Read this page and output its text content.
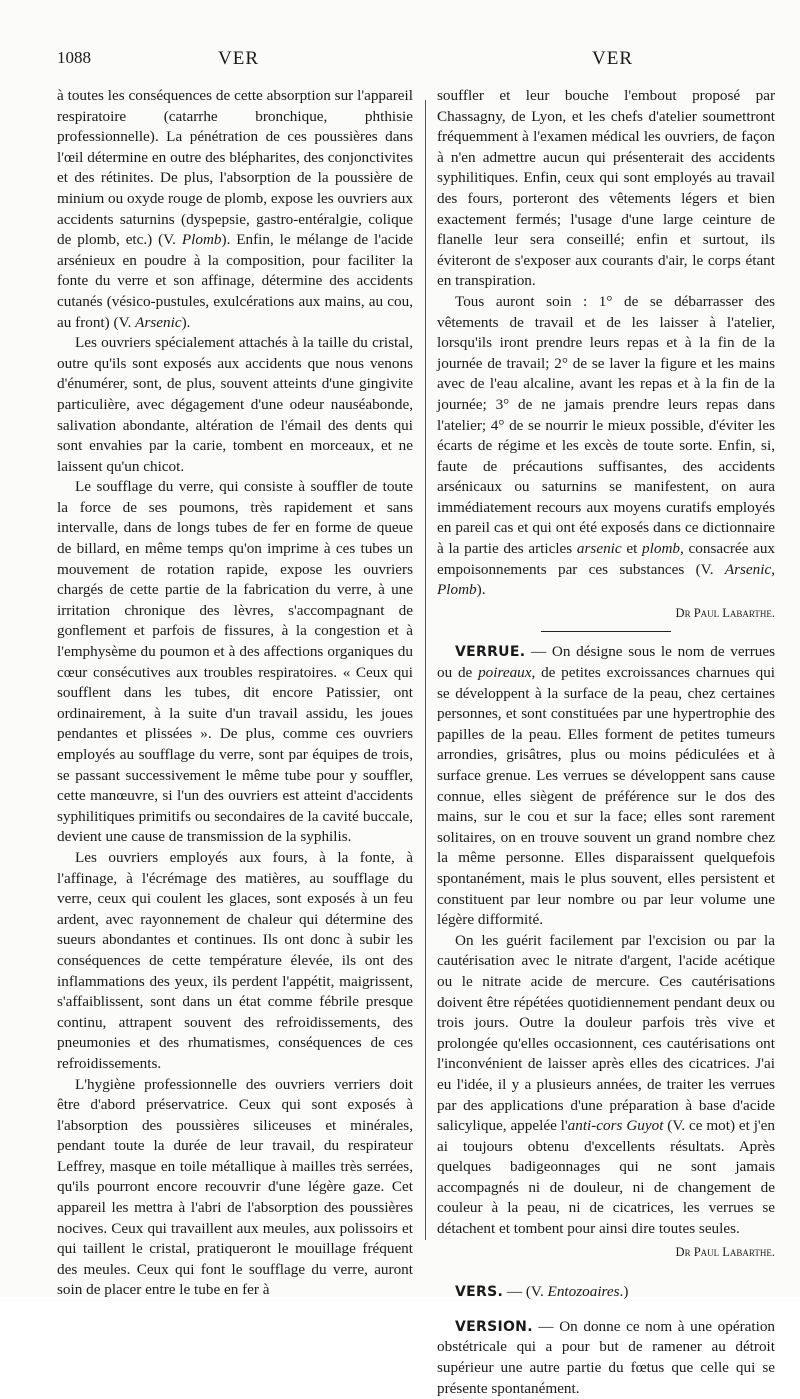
1088	VER	VER

à toutes les conséquences de cette absorption sur l'appareil respiratoire (catarrhe bronchique, phthisie professionnelle). La pénétration de ces poussières dans l'œil détermine en outre des blépharites, des conjonctivites et des rétinites. De plus, l'absorption de la poussière de minium ou oxyde rouge de plomb, expose les ouvriers aux accidents saturnins (dyspepsie, gastro-entéralgie, colique de plomb, etc.) (V. Plomb). Enfin, le mélange de l'acide arsénieux en poudre à la composition, pour faciliter la fonte du verre et son affinage, détermine des accidents cutanés (vésico-pustules, exulcérations aux mains, au cou, au front) (V. Arsenic).

Les ouvriers spécialement attachés à la taille du cristal, outre qu'ils sont exposés aux accidents que nous venons d'énumérer, sont, de plus, souvent atteints d'une gingivite particulière, avec dégagement d'une odeur nauséabonde, salivation abondante, altération de l'émail des dents qui sont envahies par la carie, tombent en morceaux, et ne laissent qu'un chicot.

Le soufflage du verre, qui consiste à souffler de toute la force de ses poumons, très rapidement et sans intervalle, dans de longs tubes de fer en forme de queue de billard, en même temps qu'on imprime à ces tubes un mouvement de rotation rapide, expose les ouvriers chargés de cette partie de la fabrication du verre, à une irritation chronique des lèvres, s'accompagnant de gonflement et parfois de fissures, à la congestion et à l'emphysème du poumon et à des affections organiques du cœur consécutives aux troubles respiratoires. « Ceux qui soufflent dans les tubes, dit encore Patissier, ont ordinairement, à la suite d'un travail assidu, les joues pendantes et plissées ». De plus, comme ces ouvriers employés au soufflage du verre, sont par équipes de trois, se passant successivement le même tube pour y souffler, cette manœuvre, si l'un des ouvriers est atteint d'accidents syphilitiques primitifs ou secondaires de la cavité buccale, devient une cause de transmission de la syphilis.

Les ouvriers employés aux fours, à la fonte, à l'affinage, à l'écrémage des matières, au soufflage du verre, ceux qui coulent les glaces, sont exposés à un feu ardent, avec rayonnement de chaleur qui détermine des sueurs abondantes et continues. Ils ont donc à subir les conséquences de cette température élevée, ils ont des inflammations des yeux, ils perdent l'appétit, maigrissent, s'affaiblissent, sont dans un état comme fébrile presque continu, attrapent souvent des refroidissements, des pneumonies et des rhumatismes, conséquences de ces refroidissements.

L'hygiène professionnelle des ouvriers verriers doit être d'abord préservatrice. Ceux qui sont exposés à l'absorption des poussières siliceuses et minérales, pendant toute la durée de leur travail, du respirateur Leffrey, masque en toile métallique à mailles très serrées, qu'ils pourront encore recouvrir d'une légère gaze. Cet appareil les mettra à l'abri de l'absorption des poussières nocives. Ceux qui travaillent aux meules, aux polissoirs et qui taillent le cristal, pratiqueront le mouillage fréquent des meules. Ceux qui font le soufflage du verre, auront soin de placer entre le tube en fer à

souffler et leur bouche l'embout proposé par Chassagny, de Lyon, et les chefs d'atelier soumettront fréquemment à l'examen médical les ouvriers, de façon à n'en admettre aucun qui présenterait des accidents syphilitiques. Enfin, ceux qui sont employés au travail des fours, porteront des vêtements légers et bien exactement fermés; l'usage d'une large ceinture de flanelle leur sera conseillé; enfin et surtout, ils éviteront de s'exposer aux courants d'air, le corps étant en transpiration.

Tous auront soin : 1° de se débarrasser des vêtements de travail et de les laisser à l'atelier, lorsqu'ils iront prendre leurs repas et à la fin de la journée de travail; 2° de se laver la figure et les mains avec de l'eau alcaline, avant les repas et à la fin de la journée; 3° de ne jamais prendre leurs repas dans l'atelier; 4° de se nourrir le mieux possible, d'éviter les écarts de régime et les excès de toute sorte. Enfin, si, faute de précautions suffisantes, des accidents arsénicaux ou saturnins se manifestent, on aura immédiatement recours aux moyens curatifs employés en pareil cas et qui ont été exposés dans ce dictionnaire à la partie des articles arsenic et plomb, consacrée aux empoisonnements par ces substances (V. Arsenic, Plomb).

Dr Paul Labarthe.

VERRUE. — On désigne sous le nom de verrues ou de poireaux, de petites excroissances charnues qui se développent à la surface de la peau, chez certaines personnes, et sont constituées par une hypertrophie des papilles de la peau. Elles forment de petites tumeurs arrondies, grisâtres, plus ou moins pédiculées et à surface grenue. Les verrues se développent sans cause connue, elles siègent de préférence sur le dos des mains, sur le cou et sur la face; elles sont rarement solitaires, on en trouve souvent un grand nombre chez la même personne. Elles disparaissent quelquefois spontanément, mais le plus souvent, elles persistent et constituent par leur nombre ou par leur volume une légère difformité.

On les guérit facilement par l'excision ou par la cautérisation avec le nitrate d'argent, l'acide acétique ou le nitrate acide de mercure. Ces cautérisations doivent être répétées quotidiennement pendant deux ou trois jours. Outre la douleur parfois très vive et prolongée qu'elles occasionnent, ces cautérisations ont l'inconvénient de laisser après elles des cicatrices. J'ai eu l'idée, il y a plusieurs années, de traiter les verrues par des applications d'une préparation à base d'acide salicylique, appelée l'anti-cors Guyot (V. ce mot) et j'en ai toujours obtenu d'excellents résultats. Après quelques badigeonnages qui ne sont jamais accompagnés ni de douleur, ni de changement de couleur à la peau, ni de cicatrices, les verrues se détachent et tombent pour ainsi dire toutes seules.

Dr Paul Labarthe.

VERS. — (V. Entozoaires.)

VERSION. — On donne ce nom à une opération obstétricale qui a pour but de ramener au détroit supérieur une autre partie du fœtus que celle qui se présente spontanément.
